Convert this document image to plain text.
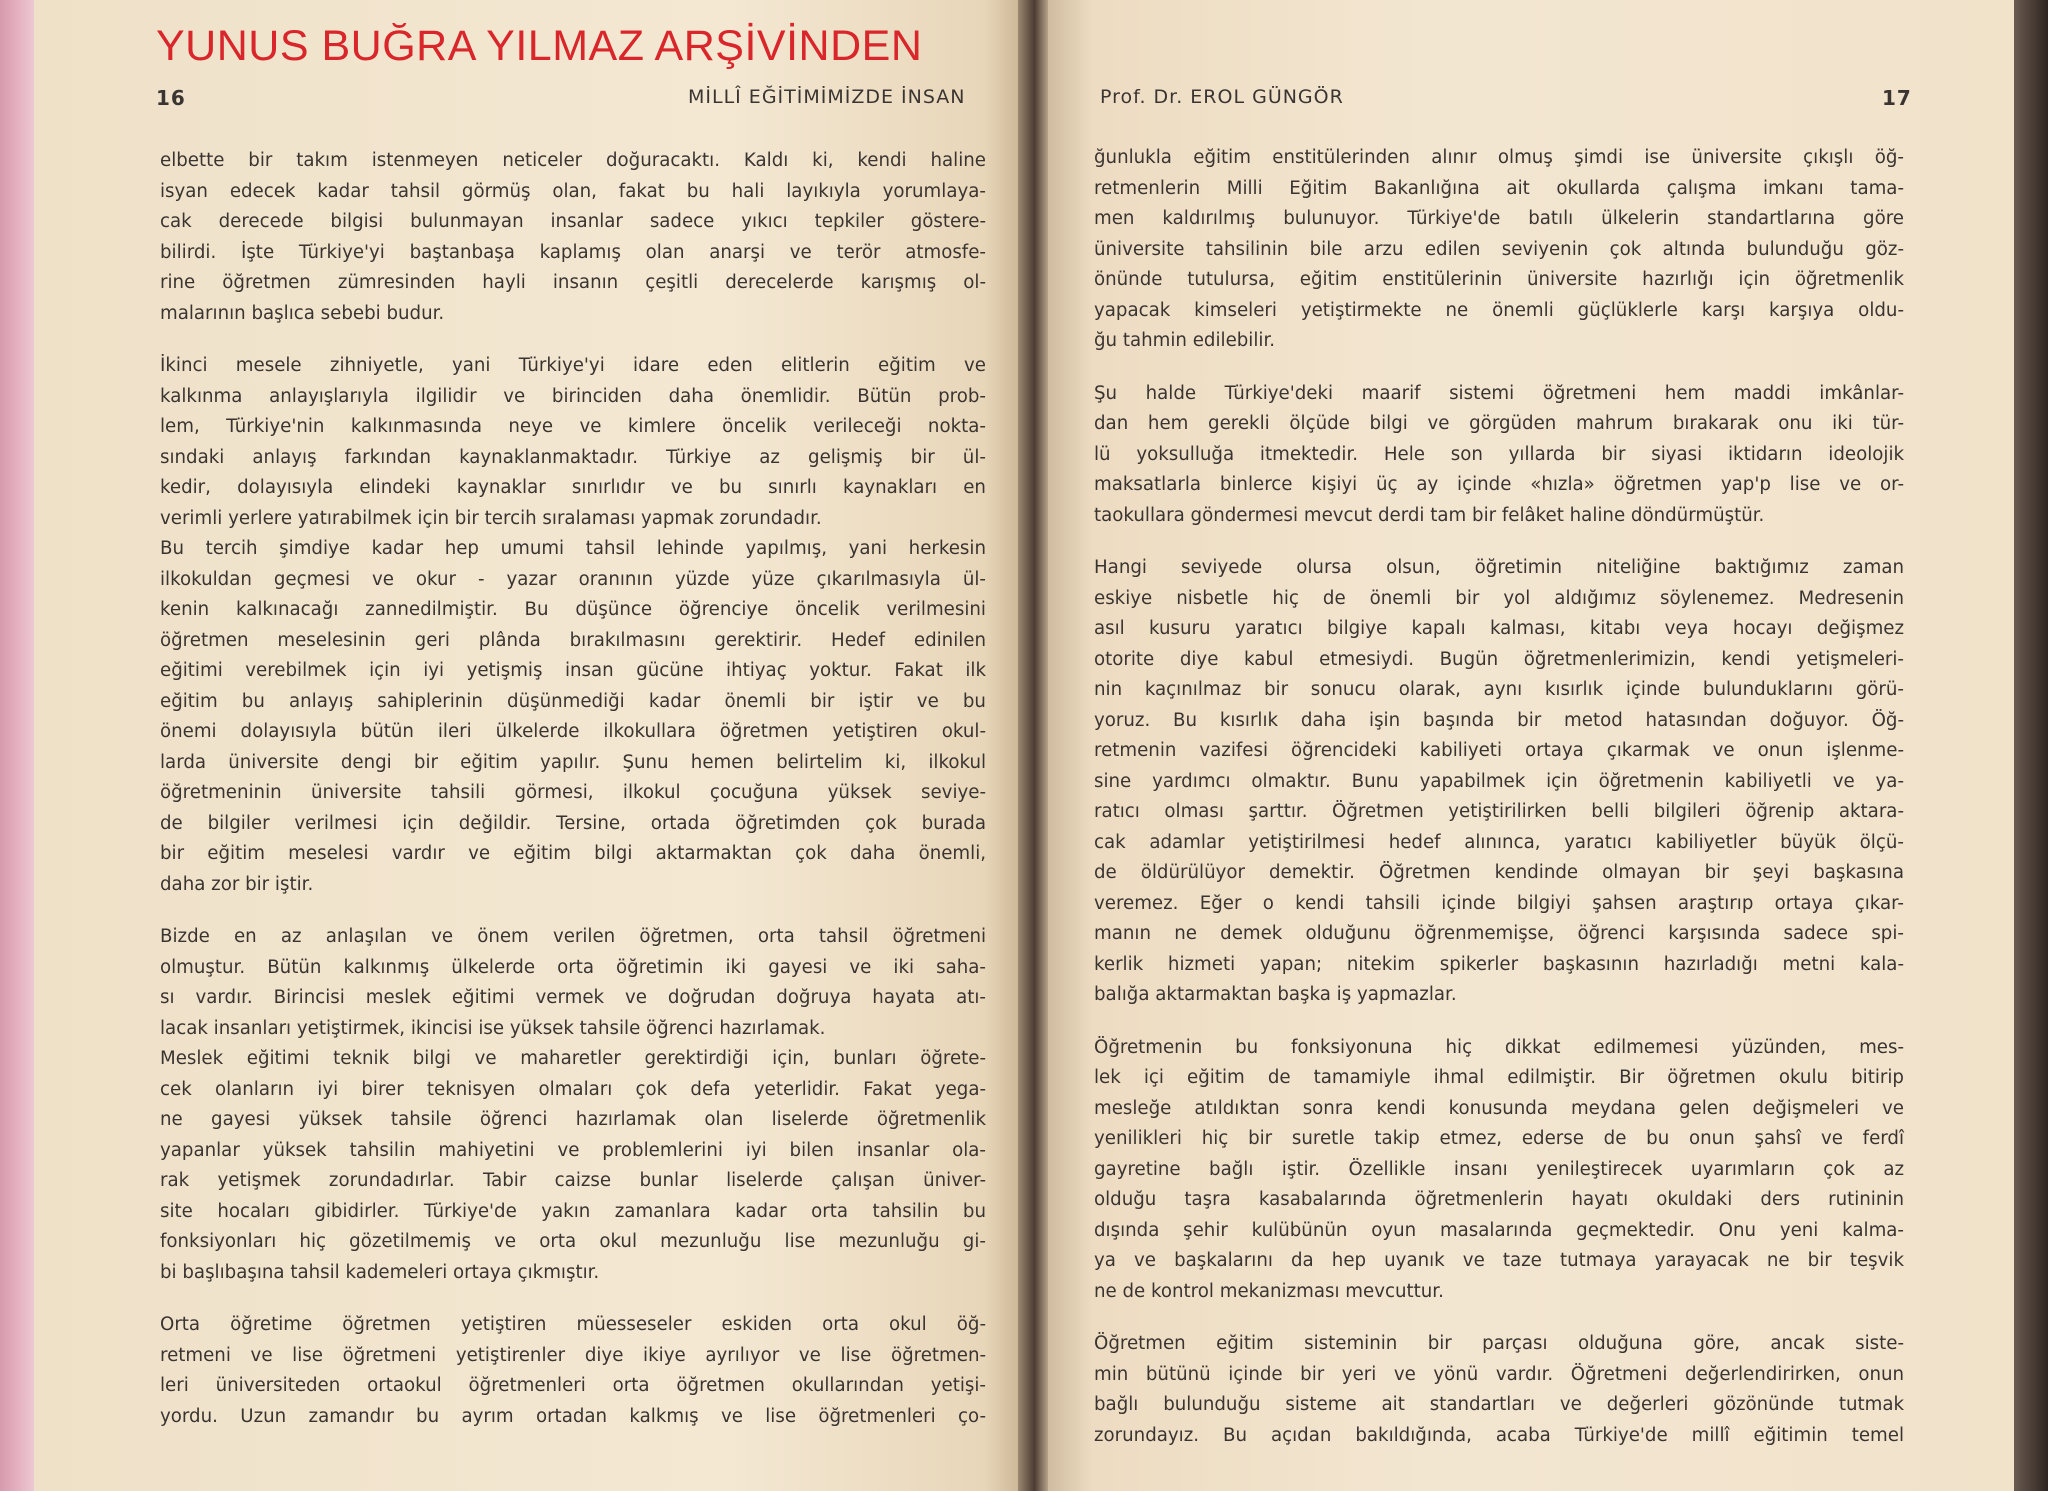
YUNUS BUĞRA YILMAZ ARŞİVİNDEN
16	MİLLÎ EĞİTİMİMİZDE İNSAN	Prof. Dr. EROL GÜNGÖR	17

elbette bir takım istenmeyen neticeler doğuracaktı. Kaldı ki, kendi haline
isyan edecek kadar tahsil görmüş olan, fakat bu hali layıkıyla yorumlaya-
cak derecede bilgisi bulunmayan insanlar sadece yıkıcı tepkiler göstere-
bilirdi. İşte Türkiye'yi baştanbaşa kaplamış olan anarşi ve terör atmosfe-
rine öğretmen zümresinden hayli insanın çeşitli derecelerde karışmış ol-
malarının başlıca sebebi budur.

İkinci mesele zihniyetle, yani Türkiye'yi idare eden elitlerin eğitim ve
kalkınma anlayışlarıyla ilgilidir ve birinciden daha önemlidir. Bütün prob-
lem, Türkiye'nin kalkınmasında neye ve kimlere öncelik verileceği nokta-
sındaki anlayış farkından kaynaklanmaktadır. Türkiye az gelişmiş bir ül-
kedir, dolayısıyla elindeki kaynaklar sınırlıdır ve bu sınırlı kaynakları en
verimli yerlere yatırabilmek için bir tercih sıralaması yapmak zorundadır.
Bu tercih şimdiye kadar hep umumi tahsil lehinde yapılmış, yani herkesin
ilkokuldan geçmesi ve okur - yazar oranının yüzde yüze çıkarılmasıyla ül-
kenin kalkınacağı zannedilmiştir. Bu düşünce öğrenciye öncelik verilmesini
öğretmen meselesinin geri plânda bırakılmasını gerektirir. Hedef edinilen
eğitimi verebilmek için iyi yetişmiş insan gücüne ihtiyaç yoktur. Fakat ilk
eğitim bu anlayış sahiplerinin düşünmediği kadar önemli bir iştir ve bu
önemi dolayısıyla bütün ileri ülkelerde ilkokullara öğretmen yetiştiren okul-
larda üniversite dengi bir eğitim yapılır. Şunu hemen belirtelim ki, ilkokul
öğretmeninin üniversite tahsili görmesi, ilkokul çocuğuna yüksek seviye-
de bilgiler verilmesi için değildir. Tersine, ortada öğretimden çok burada
bir eğitim meselesi vardır ve eğitim bilgi aktarmaktan çok daha önemli,
daha zor bir iştir.

Bizde en az anlaşılan ve önem verilen öğretmen, orta tahsil öğretmeni
olmuştur. Bütün kalkınmış ülkelerde orta öğretimin iki gayesi ve iki saha-
sı vardır. Birincisi meslek eğitimi vermek ve doğrudan doğruya hayata atı-
lacak insanları yetiştirmek, ikincisi ise yüksek tahsile öğrenci hazırlamak.
Meslek eğitimi teknik bilgi ve maharetler gerektirdiği için, bunları öğrete-
cek olanların iyi birer teknisyen olmaları çok defa yeterlidir. Fakat yega-
ne gayesi yüksek tahsile öğrenci hazırlamak olan liselerde öğretmenlik
yapanlar yüksek tahsilin mahiyetini ve problemlerini iyi bilen insanlar ola-
rak yetişmek zorundadırlar. Tabir caizse bunlar liselerde çalışan üniver-
site hocaları gibidirler. Türkiye'de yakın zamanlara kadar orta tahsilin bu
fonksiyonları hiç gözetilmemiş ve orta okul mezunluğu lise mezunluğu gi-
bi başlıbaşına tahsil kademeleri ortaya çıkmıştır.

Orta öğretime öğretmen yetiştiren müesseseler eskiden orta okul öğ-
retmeni ve lise öğretmeni yetiştirenler diye ikiye ayrılıyor ve lise öğretmen-
leri üniversiteden ortaokul öğretmenleri orta öğretmen okullarından yetişi-
yordu. Uzun zamandır bu ayrım ortadan kalkmış ve lise öğretmenleri ço-

ğunlukla eğitim enstitülerinden alınır olmuş şimdi ise üniversite çıkışlı öğ-
retmenlerin Milli Eğitim Bakanlığına ait okullarda çalışma imkanı tama-
men kaldırılmış bulunuyor. Türkiye'de batılı ülkelerin standartlarına göre
üniversite tahsilinin bile arzu edilen seviyenin çok altında bulunduğu göz-
önünde tutulursa, eğitim enstitülerinin üniversite hazırlığı için öğretmenlik
yapacak kimseleri yetiştirmekte ne önemli güçlüklerle karşı karşıya oldu-
ğu tahmin edilebilir.

Şu halde Türkiye'deki maarif sistemi öğretmeni hem maddi imkânlar-
dan hem gerekli ölçüde bilgi ve görgüden mahrum bırakarak onu iki tür-
lü yoksulluğa itmektedir. Hele son yıllarda bir siyasi iktidarın ideolojik
maksatlarla binlerce kişiyi üç ay içinde «hızla» öğretmen yap'p lise ve or-
taokullara göndermesi mevcut derdi tam bir felâket haline döndürmüştür.

Hangi seviyede olursa olsun, öğretimin niteliğine baktığımız zaman
eskiye nisbetle hiç de önemli bir yol aldığımız söylenemez. Medresenin
asıl kusuru yaratıcı bilgiye kapalı kalması, kitabı veya hocayı değişmez
otorite diye kabul etmesiydi. Bugün öğretmenlerimizin, kendi yetişmeleri-
nin kaçınılmaz bir sonucu olarak, aynı kısırlık içinde bulunduklarını görü-
yoruz. Bu kısırlık daha işin başında bir metod hatasından doğuyor. Öğ-
retmenin vazifesi öğrencideki kabiliyeti ortaya çıkarmak ve onun işlenme-
sine yardımcı olmaktır. Bunu yapabilmek için öğretmenin kabiliyetli ve ya-
ratıcı olması şarttır. Öğretmen yetiştirilirken belli bilgileri öğrenip aktara-
cak adamlar yetiştirilmesi hedef alınınca, yaratıcı kabiliyetler büyük ölçü-
de öldürülüyor demektir. Öğretmen kendinde olmayan bir şeyi başkasına
veremez. Eğer o kendi tahsili içinde bilgiyi şahsen araştırıp ortaya çıkar-
manın ne demek olduğunu öğrenmemişse, öğrenci karşısında sadece spi-
kerlik hizmeti yapan; nitekim spikerler başkasının hazırladığı metni kala-
balığa aktarmaktan başka iş yapmazlar.

Öğretmenin bu fonksiyonuna hiç dikkat edilmemesi yüzünden, mes-
lek içi eğitim de tamamiyle ihmal edilmiştir. Bir öğretmen okulu bitirip
mesleğe atıldıktan sonra kendi konusunda meydana gelen değişmeleri ve
yenilikleri hiç bir suretle takip etmez, ederse de bu onun şahsî ve ferdî
gayretine bağlı iştir. Özellikle insanı yenileştirecek uyarımların çok az
olduğu taşra kasabalarında öğretmenlerin hayatı okuldaki ders rutininin
dışında şehir kulübünün oyun masalarında geçmektedir. Onu yeni kalma-
ya ve başkalarını da hep uyanık ve taze tutmaya yarayacak ne bir teşvik
ne de kontrol mekanizması mevcuttur.

Öğretmen eğitim sisteminin bir parçası olduğuna göre, ancak siste-
min bütünü içinde bir yeri ve yönü vardır. Öğretmeni değerlendirirken, onun
bağlı bulunduğu sisteme ait standartları ve değerleri gözönünde tutmak
zorundayız. Bu açıdan bakıldığında, acaba Türkiye'de millî eğitimin temel
